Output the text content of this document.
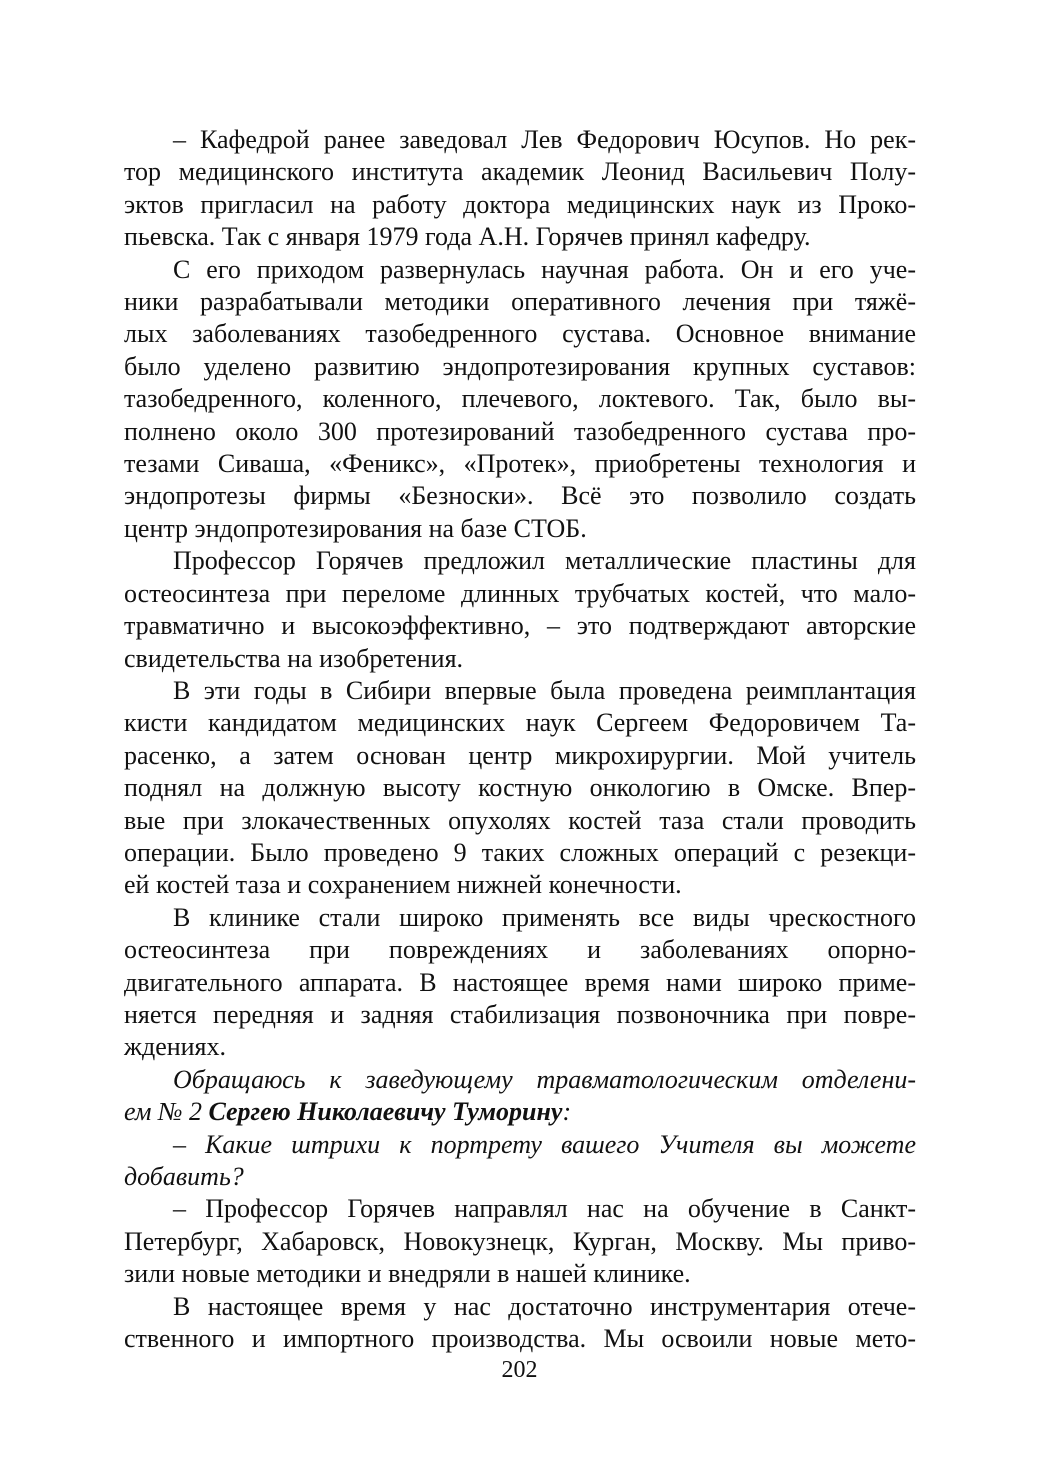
– Кафедрой ранее заведовал Лев Федорович Юсупов. Но рек-
тор медицинского института академик Леонид Васильевич Полу-
эктов пригласил на работу доктора медицинских наук из Проко-
пьевска. Так с января 1979 года А.Н. Горячев принял кафедру.

С его приходом развернулась научная работа. Он и его уче-
ники разрабатывали методики оперативного лечения при тяжё-
лых заболеваниях тазобедренного сустава. Основное внимание
было уделено развитию эндопротезирования крупных суставов:
тазобедренного, коленного, плечевого, локтевого. Так, было вы-
полнено около 300 протезирований тазобедренного сустава про-
тезами Сиваша, «Феникс», «Протек», приобретены технология и
эндопротезы фирмы «Безноски». Всё это позволило создать
центр эндопротезирования на базе СТОБ.

Профессор Горячев предложил металлические пластины для
остеосинтеза при переломе длинных трубчатых костей, что мало-
травматично и высокоэффективно, – это подтверждают авторские
свидетельства на изобретения.

В эти годы в Сибири впервые была проведена реимплантация
кисти кандидатом медицинских наук Сергеем Федоровичем Та-
расенко, а затем основан центр микрохирургии. Мой учитель
поднял на должную высоту костную онкологию в Омске. Впер-
вые при злокачественных опухолях костей таза стали проводить
операции. Было проведено 9 таких сложных операций с резекци-
ей костей таза и сохранением нижней конечности.

В клинике стали широко применять все виды чрескостного
остеосинтеза при повреждениях и заболеваниях опорно-
двигательного аппарата. В настоящее время нами широко приме-
няется передняя и задняя стабилизация позвоночника при повре-
ждениях.

Обращаюсь к заведующему травматологическим отделени-
ем № 2 Сергею Николаевичу Туморину:

– Какие штрихи к портрету вашего Учителя вы можете
добавить?

– Профессор Горячев направлял нас на обучение в Санкт-
Петербург, Хабаровск, Новокузнецк, Курган, Москву. Мы приво-
зили новые методики и внедряли в нашей клинике.

В настоящее время у нас достаточно инструментария отече-
ственного и импортного производства. Мы освоили новые мето-

202
